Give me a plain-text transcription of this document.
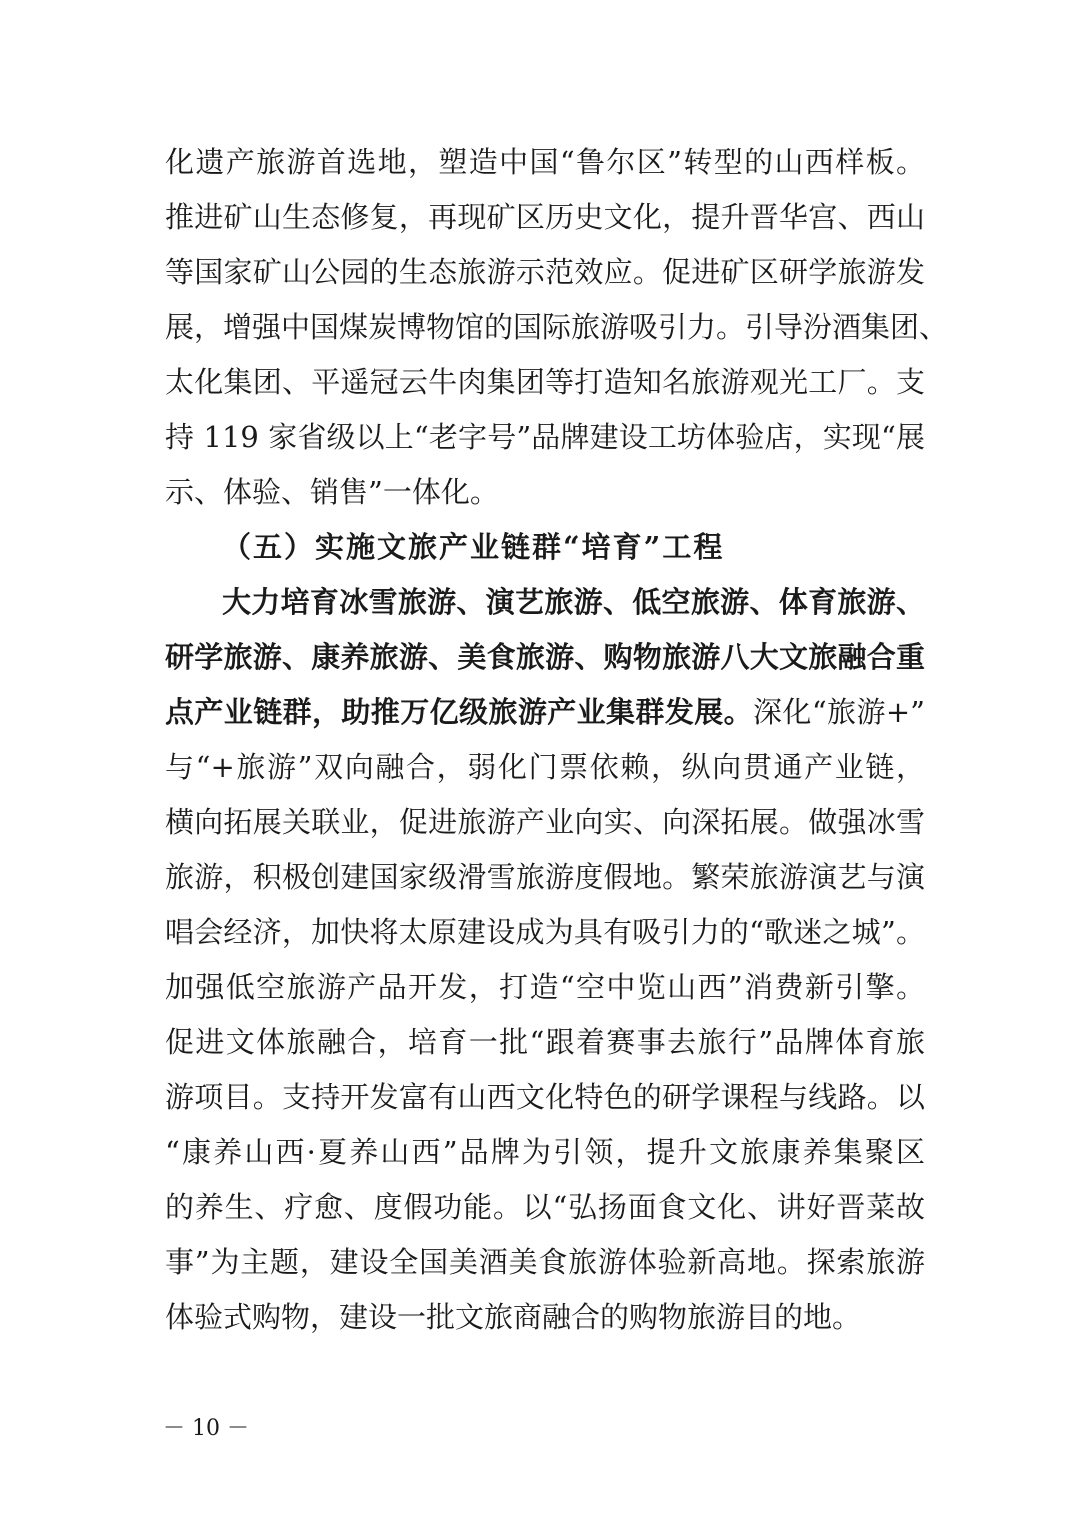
化遗产旅游首选地，塑造中国“鲁尔区”转型的山西样板。
推进矿山生态修复，再现矿区历史文化，提升晋华宫、西山
等国家矿山公园的生态旅游示范效应。促进矿区研学旅游发
展，增强中国煤炭博物馆的国际旅游吸引力。引导汾酒集团、
太化集团、平遥冠云牛肉集团等打造知名旅游观光工厂。支
持 119 家省级以上“老字号”品牌建设工坊体验店，实现“展
示、体验、销售”一体化。
（五）实施文旅产业链群“培育”工程
大力培育冰雪旅游、演艺旅游、低空旅游、体育旅游、
研学旅游、康养旅游、美食旅游、购物旅游八大文旅融合重
点产业链群，助推万亿级旅游产业集群发展。深化“旅游+”
与“+旅游”双向融合，弱化门票依赖，纵向贯通产业链，
横向拓展关联业，促进旅游产业向实、向深拓展。做强冰雪
旅游，积极创建国家级滑雪旅游度假地。繁荣旅游演艺与演
唱会经济，加快将太原建设成为具有吸引力的“歌迷之城”。
加强低空旅游产品开发，打造“空中览山西”消费新引擎。
促进文体旅融合，培育一批“跟着赛事去旅行”品牌体育旅
游项目。支持开发富有山西文化特色的研学课程与线路。以
“康养山西·夏养山西”品牌为引领，提升文旅康养集聚区
的养生、疗愈、度假功能。以“弘扬面食文化、讲好晋菜故
事”为主题，建设全国美酒美食旅游体验新高地。探索旅游
体验式购物，建设一批文旅商融合的购物旅游目的地。
－ 10 －
